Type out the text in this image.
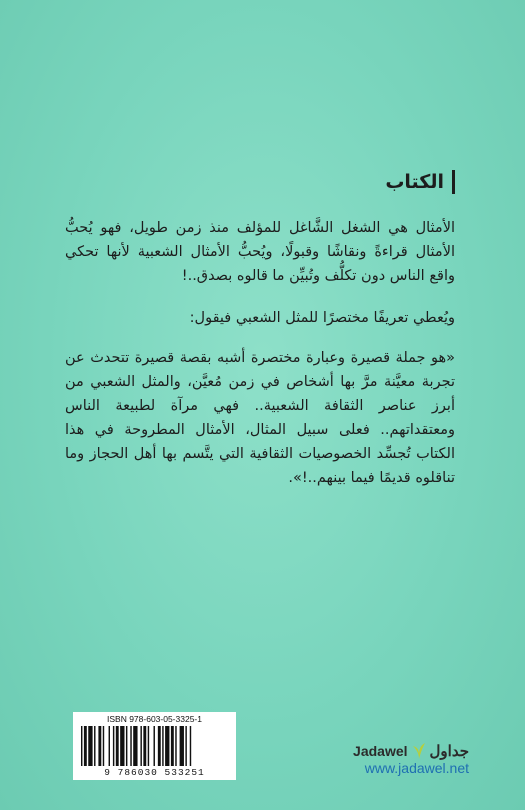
الكتاب
الأمثال هي الشغل الشَّاغل للمؤلف منذ زمن طويل، فهو يُحبُّ الأمثال قراءةً ونقاشًا وقبولًا، ويُحبُّ الأمثال الشعبية لأنها تحكي واقع الناس دون تكلُّف وتُبيِّن ما قالوه بصدق..!
ويُعطي تعريفًا مختصرًا للمثل الشعبي فيقول:
«هو جملة قصيرة وعبارة مختصرة أشبه بقصة قصيرة تتحدث عن تجربة معيَّنة مرَّ بها أشخاص في زمن مُعيَّن، والمثل الشعبي من أبرز عناصر الثقافة الشعبية.. فهي مرآة لطبيعة الناس ومعتقداتهم.. فعلى سبيل المثال، الأمثال المطروحة في هذا الكتاب تُجسِّد الخصوصيات الثقافية التي يتَّسم بها أهل الحجاز وما تناقلوه قديمًا فيما بينهم..!».
ISBN 978-603-05-3325-1
9 786030 533251
Jadawel جداول
www.jadawel.net
